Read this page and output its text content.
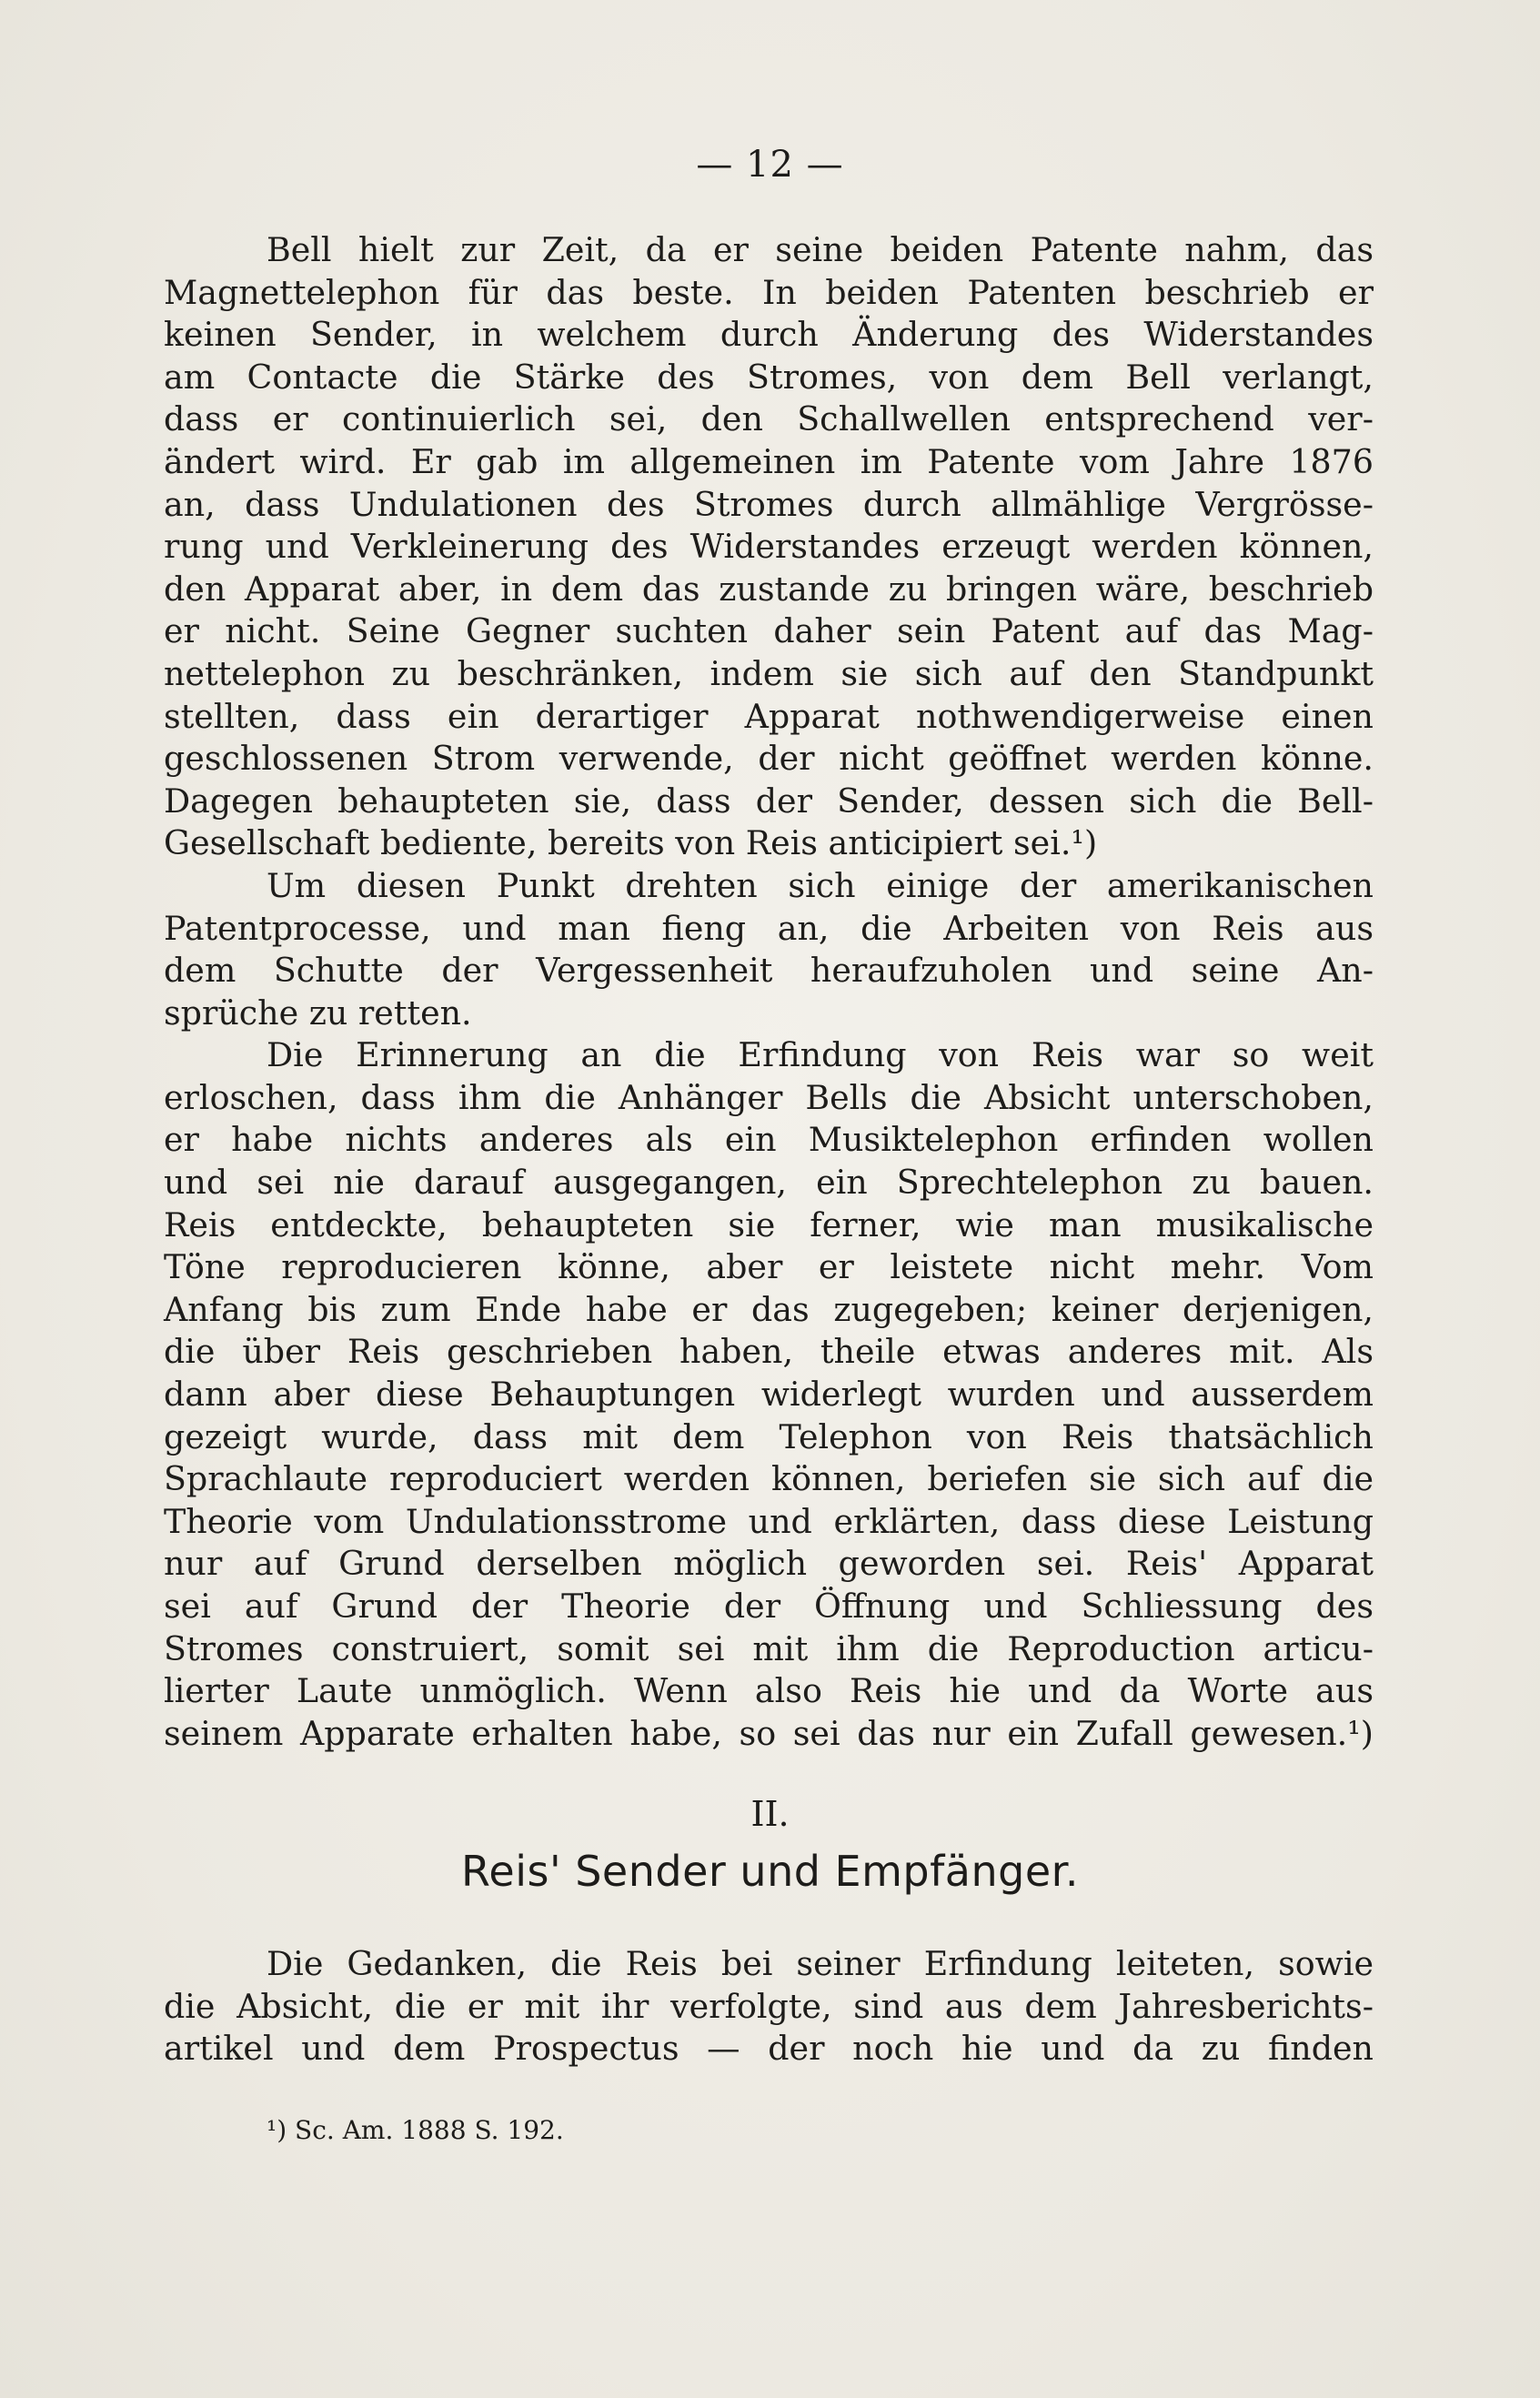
— 12 —
Bell hielt zur Zeit, da er seine beiden Patente nahm, das
Magnettelephon für das beste. In beiden Patenten beschrieb er
keinen Sender, in welchem durch Änderung des Widerstandes
am Contacte die Stärke des Stromes, von dem Bell verlangt,
dass er continuierlich sei, den Schallwellen entsprechend ver-
ändert wird. Er gab im allgemeinen im Patente vom Jahre 1876
an, dass Undulationen des Stromes durch allmählige Vergrösse-
rung und Verkleinerung des Widerstandes erzeugt werden können,
den Apparat aber, in dem das zustande zu bringen wäre, beschrieb
er nicht. Seine Gegner suchten daher sein Patent auf das Mag-
nettelephon zu beschränken, indem sie sich auf den Standpunkt
stellten, dass ein derartiger Apparat nothwendigerweise einen
geschlossenen Strom verwende, der nicht geöffnet werden könne.
Dagegen behaupteten sie, dass der Sender, dessen sich die Bell-
Gesellschaft bediente, bereits von Reis anticipiert sei.¹)
Um diesen Punkt drehten sich einige der amerikanischen
Patentprocesse, und man fieng an, die Arbeiten von Reis aus
dem Schutte der Vergessenheit heraufzuholen und seine An-
sprüche zu retten.
Die Erinnerung an die Erfindung von Reis war so weit
erloschen, dass ihm die Anhänger Bells die Absicht unterschoben,
er habe nichts anderes als ein Musiktelephon erfinden wollen
und sei nie darauf ausgegangen, ein Sprechtelephon zu bauen.
Reis entdeckte, behaupteten sie ferner, wie man musikalische
Töne reproducieren könne, aber er leistete nicht mehr. Vom
Anfang bis zum Ende habe er das zugegeben; keiner derjenigen,
die über Reis geschrieben haben, theile etwas anderes mit. Als
dann aber diese Behauptungen widerlegt wurden und ausserdem
gezeigt wurde, dass mit dem Telephon von Reis thatsächlich
Sprachlaute reproduciert werden können, beriefen sie sich auf die
Theorie vom Undulationsstrome und erklärten, dass diese Leistung
nur auf Grund derselben möglich geworden sei. Reis' Apparat
sei auf Grund der Theorie der Öffnung und Schliessung des
Stromes construiert, somit sei mit ihm die Reproduction articu-
lierter Laute unmöglich. Wenn also Reis hie und da Worte aus
seinem Apparate erhalten habe, so sei das nur ein Zufall gewesen.¹)
II.
Reis' Sender und Empfänger.
Die Gedanken, die Reis bei seiner Erfindung leiteten, sowie
die Absicht, die er mit ihr verfolgte, sind aus dem Jahresberichts-
artikel und dem Prospectus — der noch hie und da zu finden
¹) Sc. Am. 1888 S. 192.
